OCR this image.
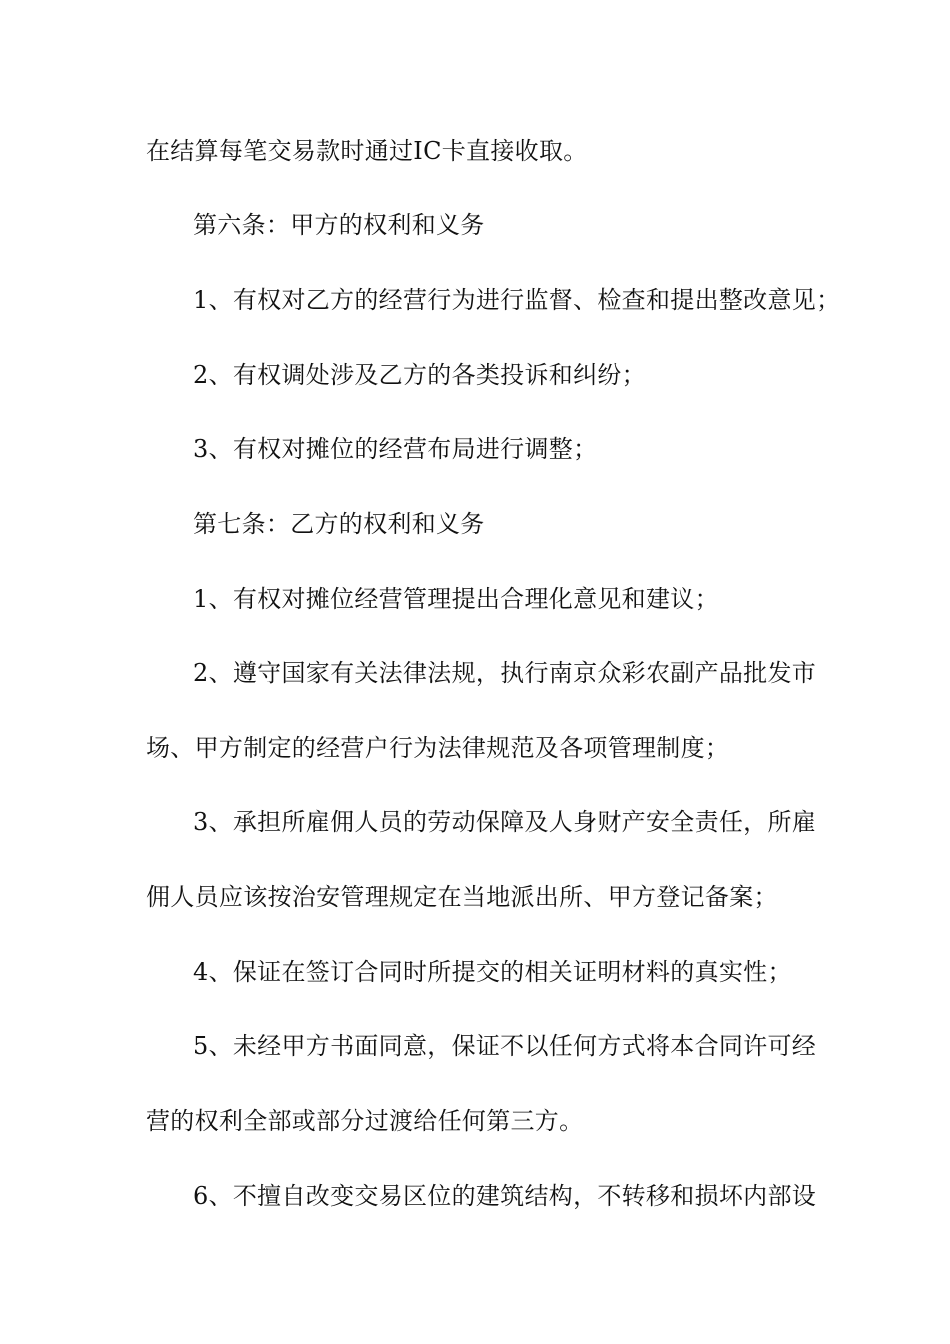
在结算每笔交易款时通过IC卡直接收取。
第六条：甲方的权利和义务
1、有权对乙方的经营行为进行监督、检查和提出整改意见；
2、有权调处涉及乙方的各类投诉和纠纷；
3、有权对摊位的经营布局进行调整；
第七条：乙方的权利和义务
1、有权对摊位经营管理提出合理化意见和建议；
2、遵守国家有关法律法规，执行南京众彩农副产品批发市
场、甲方制定的经营户行为法律规范及各项管理制度；
3、承担所雇佣人员的劳动保障及人身财产安全责任，所雇
佣人员应该按治安管理规定在当地派出所、甲方登记备案；
4、保证在签订合同时所提交的相关证明材料的真实性；
5、未经甲方书面同意，保证不以任何方式将本合同许可经
营的权利全部或部分过渡给任何第三方。
6、不擅自改变交易区位的建筑结构，不转移和损坏内部设
